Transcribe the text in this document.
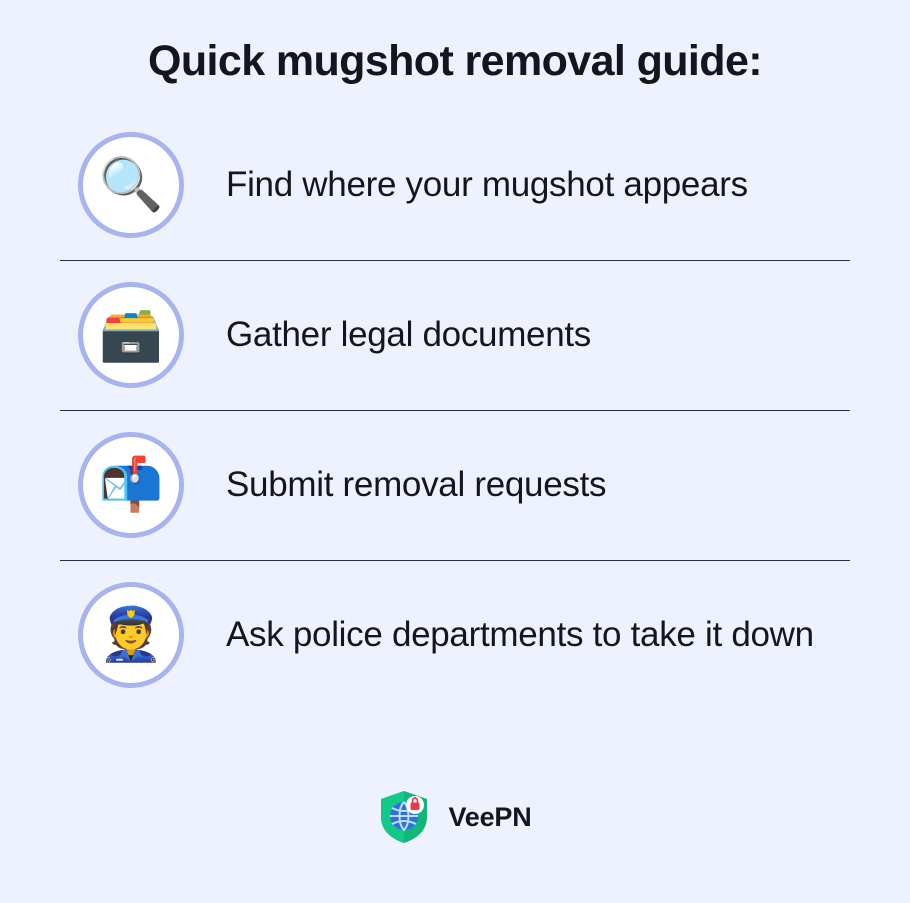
Quick mugshot removal guide:
🔍	Find where your mugshot appears
🗃️	Gather legal documents
📬	Submit removal requests
👮	Ask police departments to take it down
VeePN
